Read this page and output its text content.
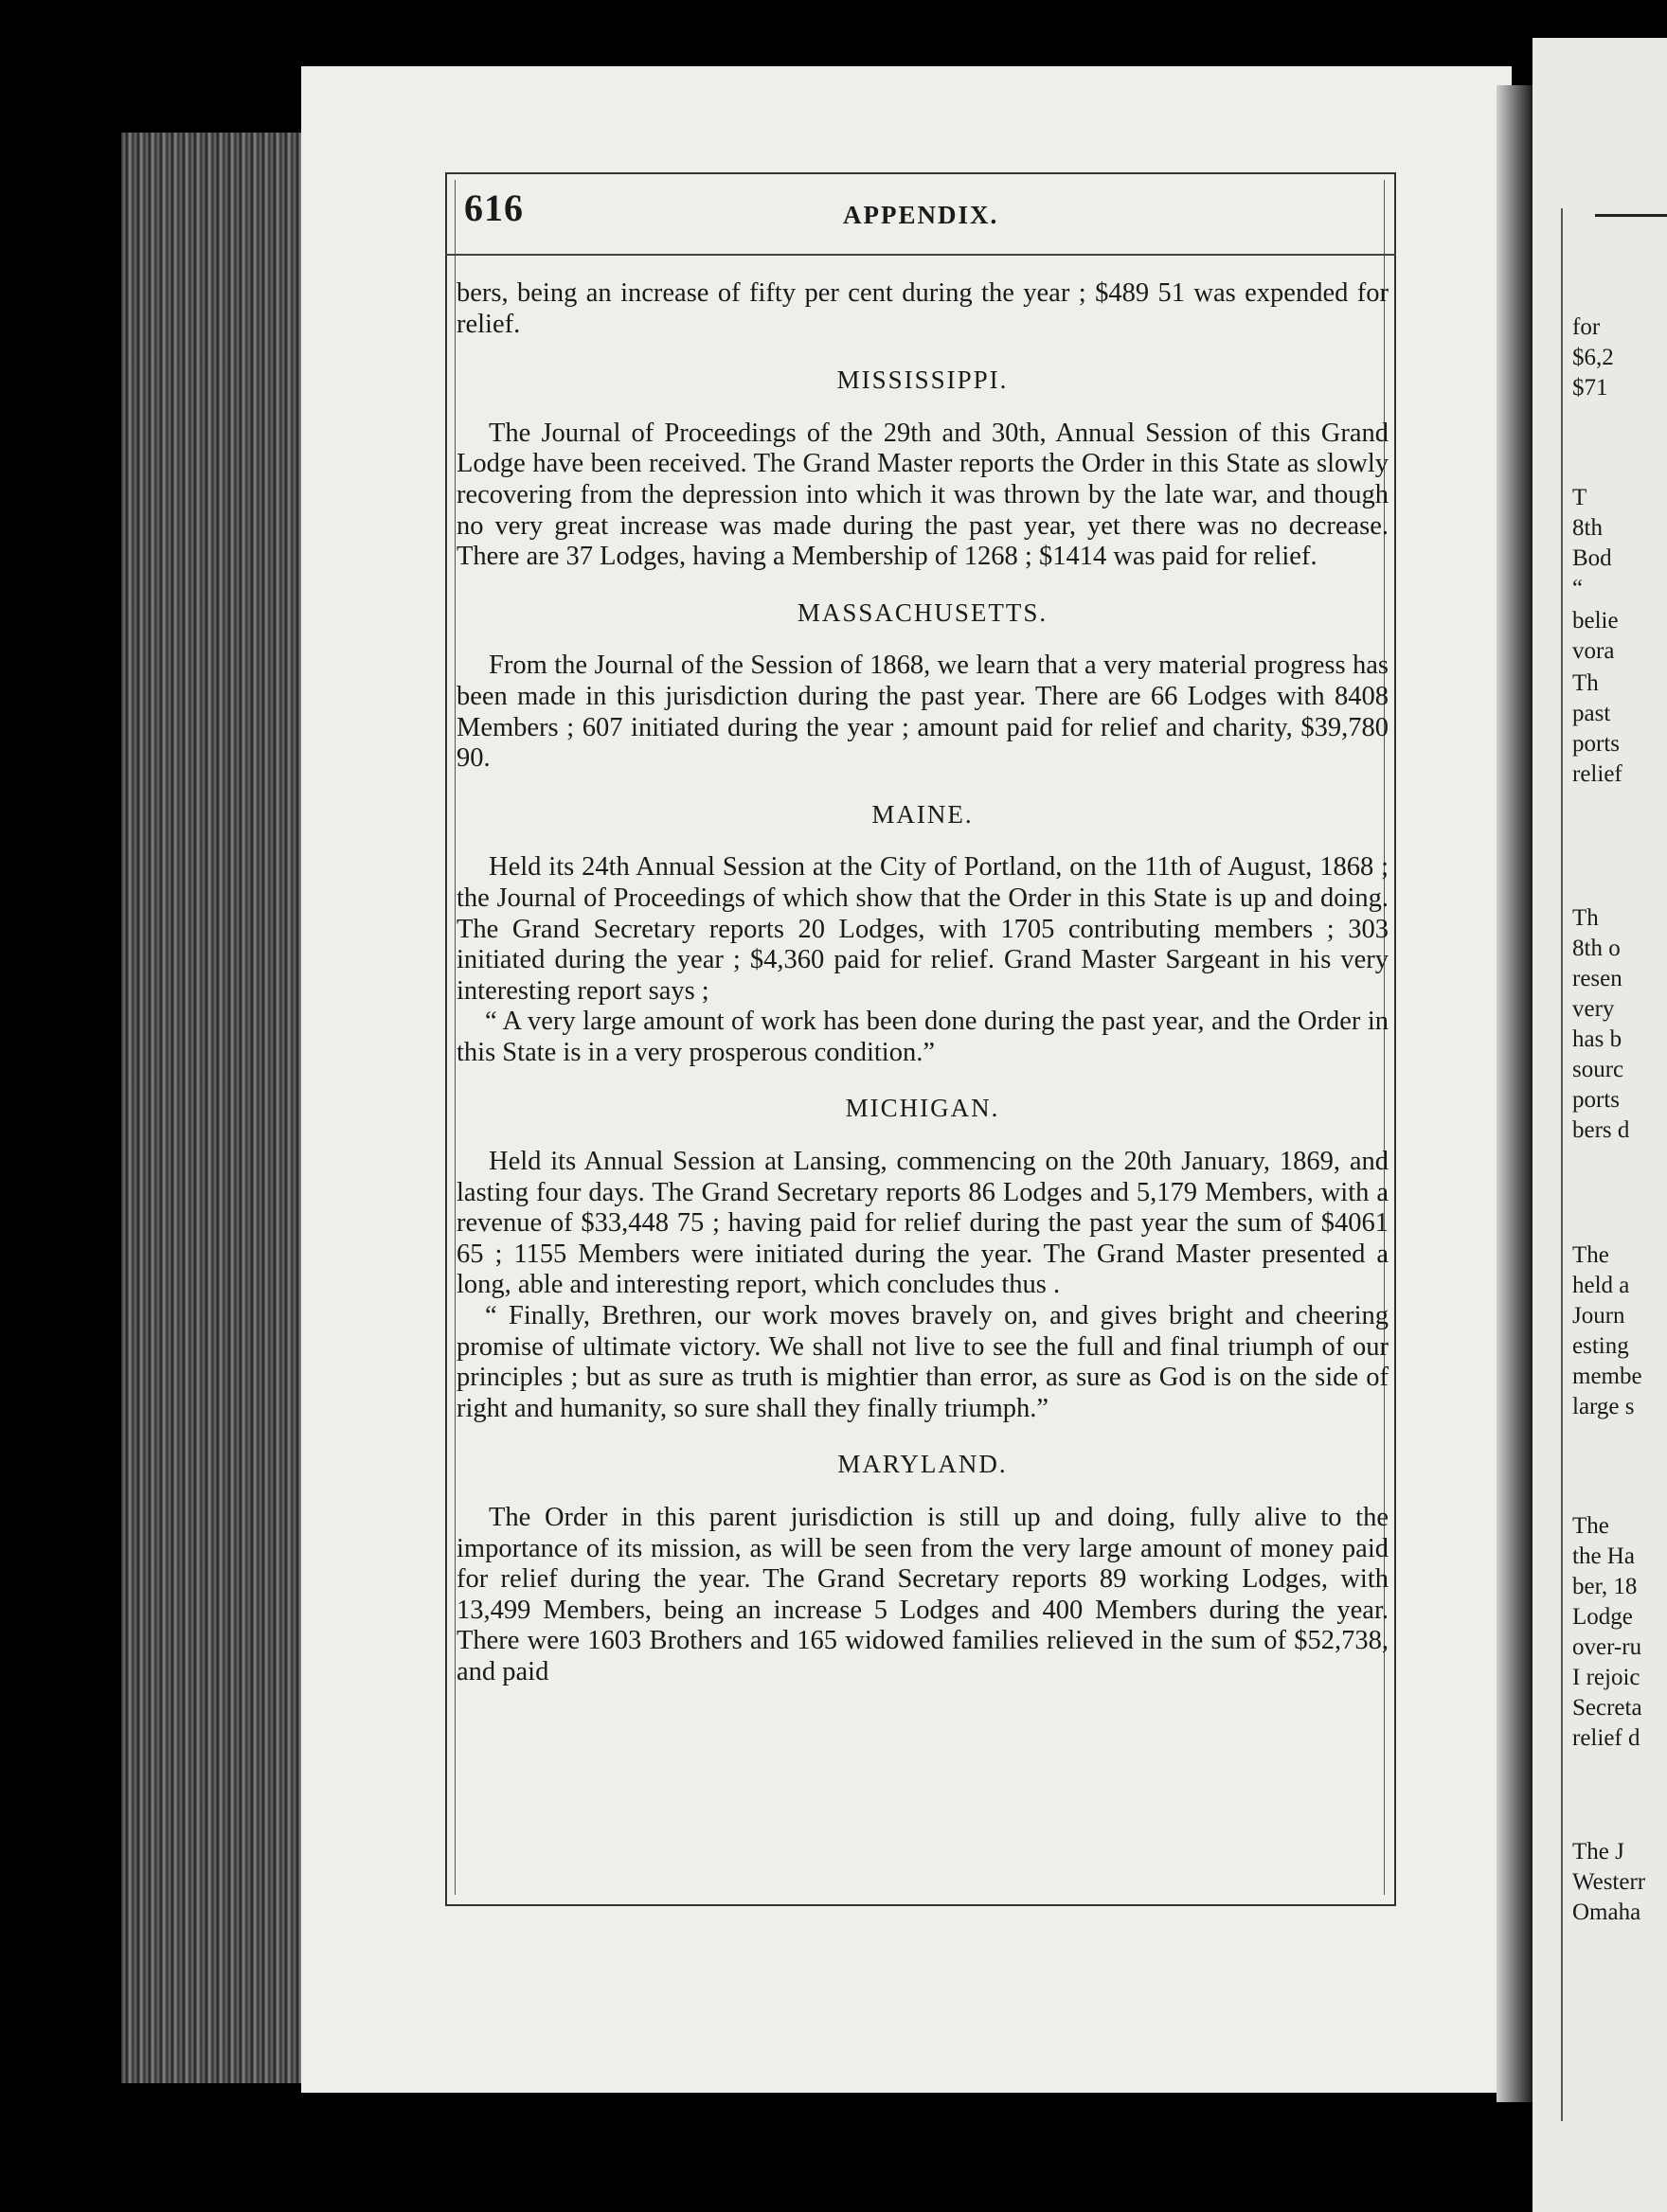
for
$6,2
$71
T
8th
Bod
“
belie
vora
Th
past
ports
relief
Th
8th o
resen
very
has b
sourc
ports
bers d
The
held a
Journ
esting
membe
large s
The
the Ha
ber, 18
Lodge
over-ru
I rejoic
Secreta
relief d
The J
Westerr
Omaha
616	APPENDIX.

bers, being an increase of fifty per cent during the year ; $489 51 was expended for relief.

MISSISSIPPI.

The Journal of Proceedings of the 29th and 30th, Annual Session of this Grand Lodge have been received. The Grand Master reports the Order in this State as slowly recovering from the depression into which it was thrown by the late war, and though no very great increase was made during the past year, yet there was no decrease. There are 37 Lodges, having a Membership of 1268 ; $1414 was paid for relief.

MASSACHUSETTS.

From the Journal of the Session of 1868, we learn that a very material progress has been made in this jurisdiction during the past year. There are 66 Lodges with 8408 Members ; 607 initiated during the year ; amount paid for relief and charity, $39,780 90.

MAINE.

Held its 24th Annual Session at the City of Portland, on the 11th of August, 1868 ; the Journal of Proceedings of which show that the Order in this State is up and doing. The Grand Secretary reports 20 Lodges, with 1705 contributing members ; 303 initiated during the year ; $4,360 paid for relief. Grand Master Sargeant in his very interesting report says ;

“ A very large amount of work has been done during the past year, and the Order in this State is in a very prosperous condition.”

MICHIGAN.

Held its Annual Session at Lansing, commencing on the 20th January, 1869, and lasting four days. The Grand Secretary reports 86 Lodges and 5,179 Members, with a revenue of $33,448 75 ; having paid for relief during the past year the sum of $4061 65 ; 1155 Members were initiated during the year. The Grand Master presented a long, able and interesting report, which concludes thus .

“ Finally, Brethren, our work moves bravely on, and gives bright and cheering promise of ultimate victory. We shall not live to see the full and final triumph of our principles ; but as sure as truth is mightier than error, as sure as God is on the side of right and humanity, so sure shall they finally triumph.”

MARYLAND.

The Order in this parent jurisdiction is still up and doing, fully alive to the importance of its mission, as will be seen from the very large amount of money paid for relief during the year. The Grand Secretary reports 89 working Lodges, with 13,499 Members, being an increase 5 Lodges and 400 Members during the year. There were 1603 Brothers and 165 widowed families relieved in the sum of $52,738, and paid
